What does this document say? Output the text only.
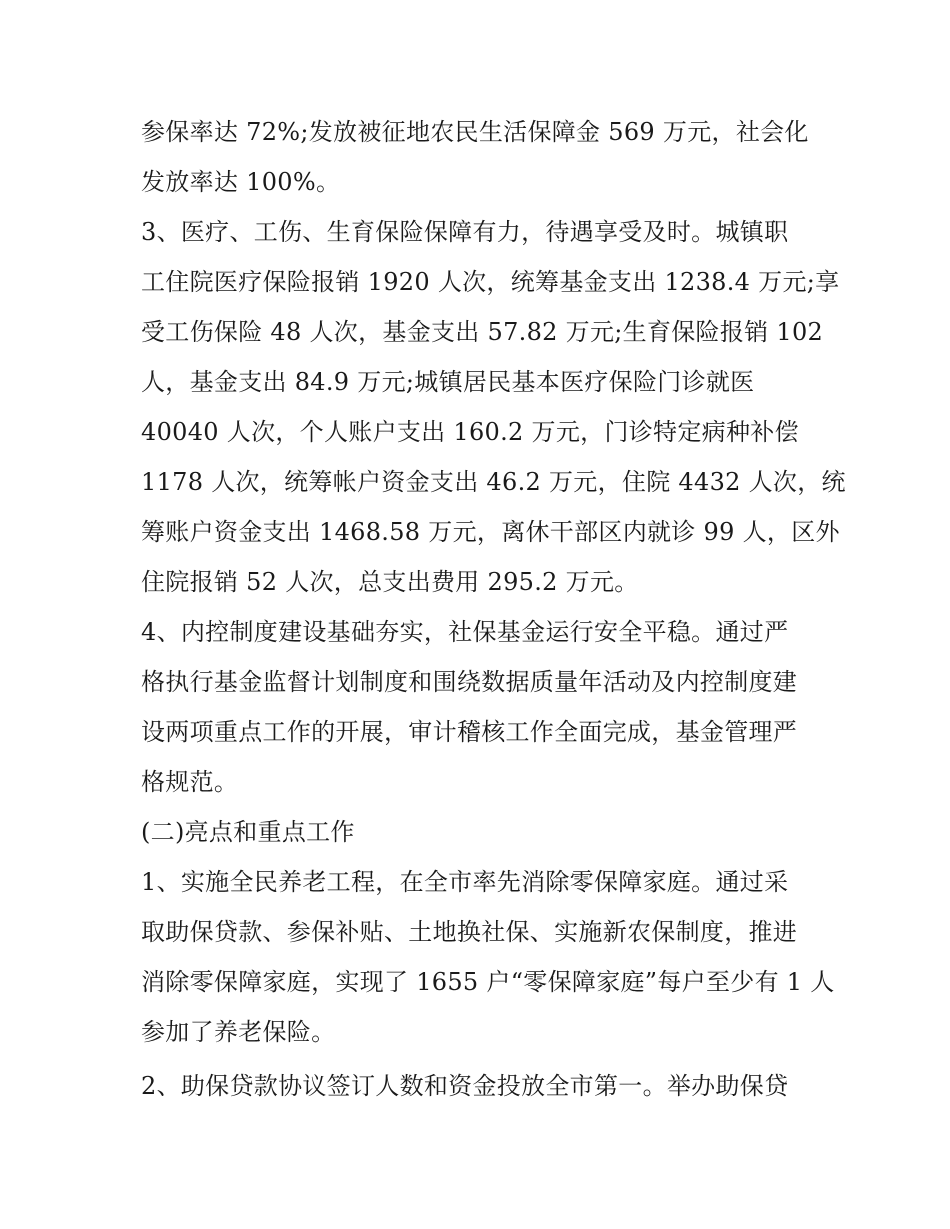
参保率达 72%;发放被征地农民生活保障金 569 万元，社会化
发放率达 100%。
3、医疗、工伤、生育保险保障有力，待遇享受及时。城镇职
工住院医疗保险报销 1920 人次，统筹基金支出 1238.4 万元;享
受工伤保险 48 人次，基金支出 57.82 万元;生育保险报销 102
人，基金支出 84.9 万元;城镇居民基本医疗保险门诊就医
40040 人次，个人账户支出 160.2 万元，门诊特定病种补偿
1178 人次，统筹帐户资金支出 46.2 万元，住院 4432 人次，统
筹账户资金支出 1468.58 万元，离休干部区内就诊 99 人，区外
住院报销 52 人次，总支出费用 295.2 万元。
4、内控制度建设基础夯实，社保基金运行安全平稳。通过严
格执行基金监督计划制度和围绕数据质量年活动及内控制度建
设两项重点工作的开展，审计稽核工作全面完成，基金管理严
格规范。
(二)亮点和重点工作
1、实施全民养老工程，在全市率先消除零保障家庭。通过采
取助保贷款、参保补贴、土地换社保、实施新农保制度，推进
消除零保障家庭，实现了 1655 户“零保障家庭”每户至少有 1 人
参加了养老保险。
2、助保贷款协议签订人数和资金投放全市第一。举办助保贷
